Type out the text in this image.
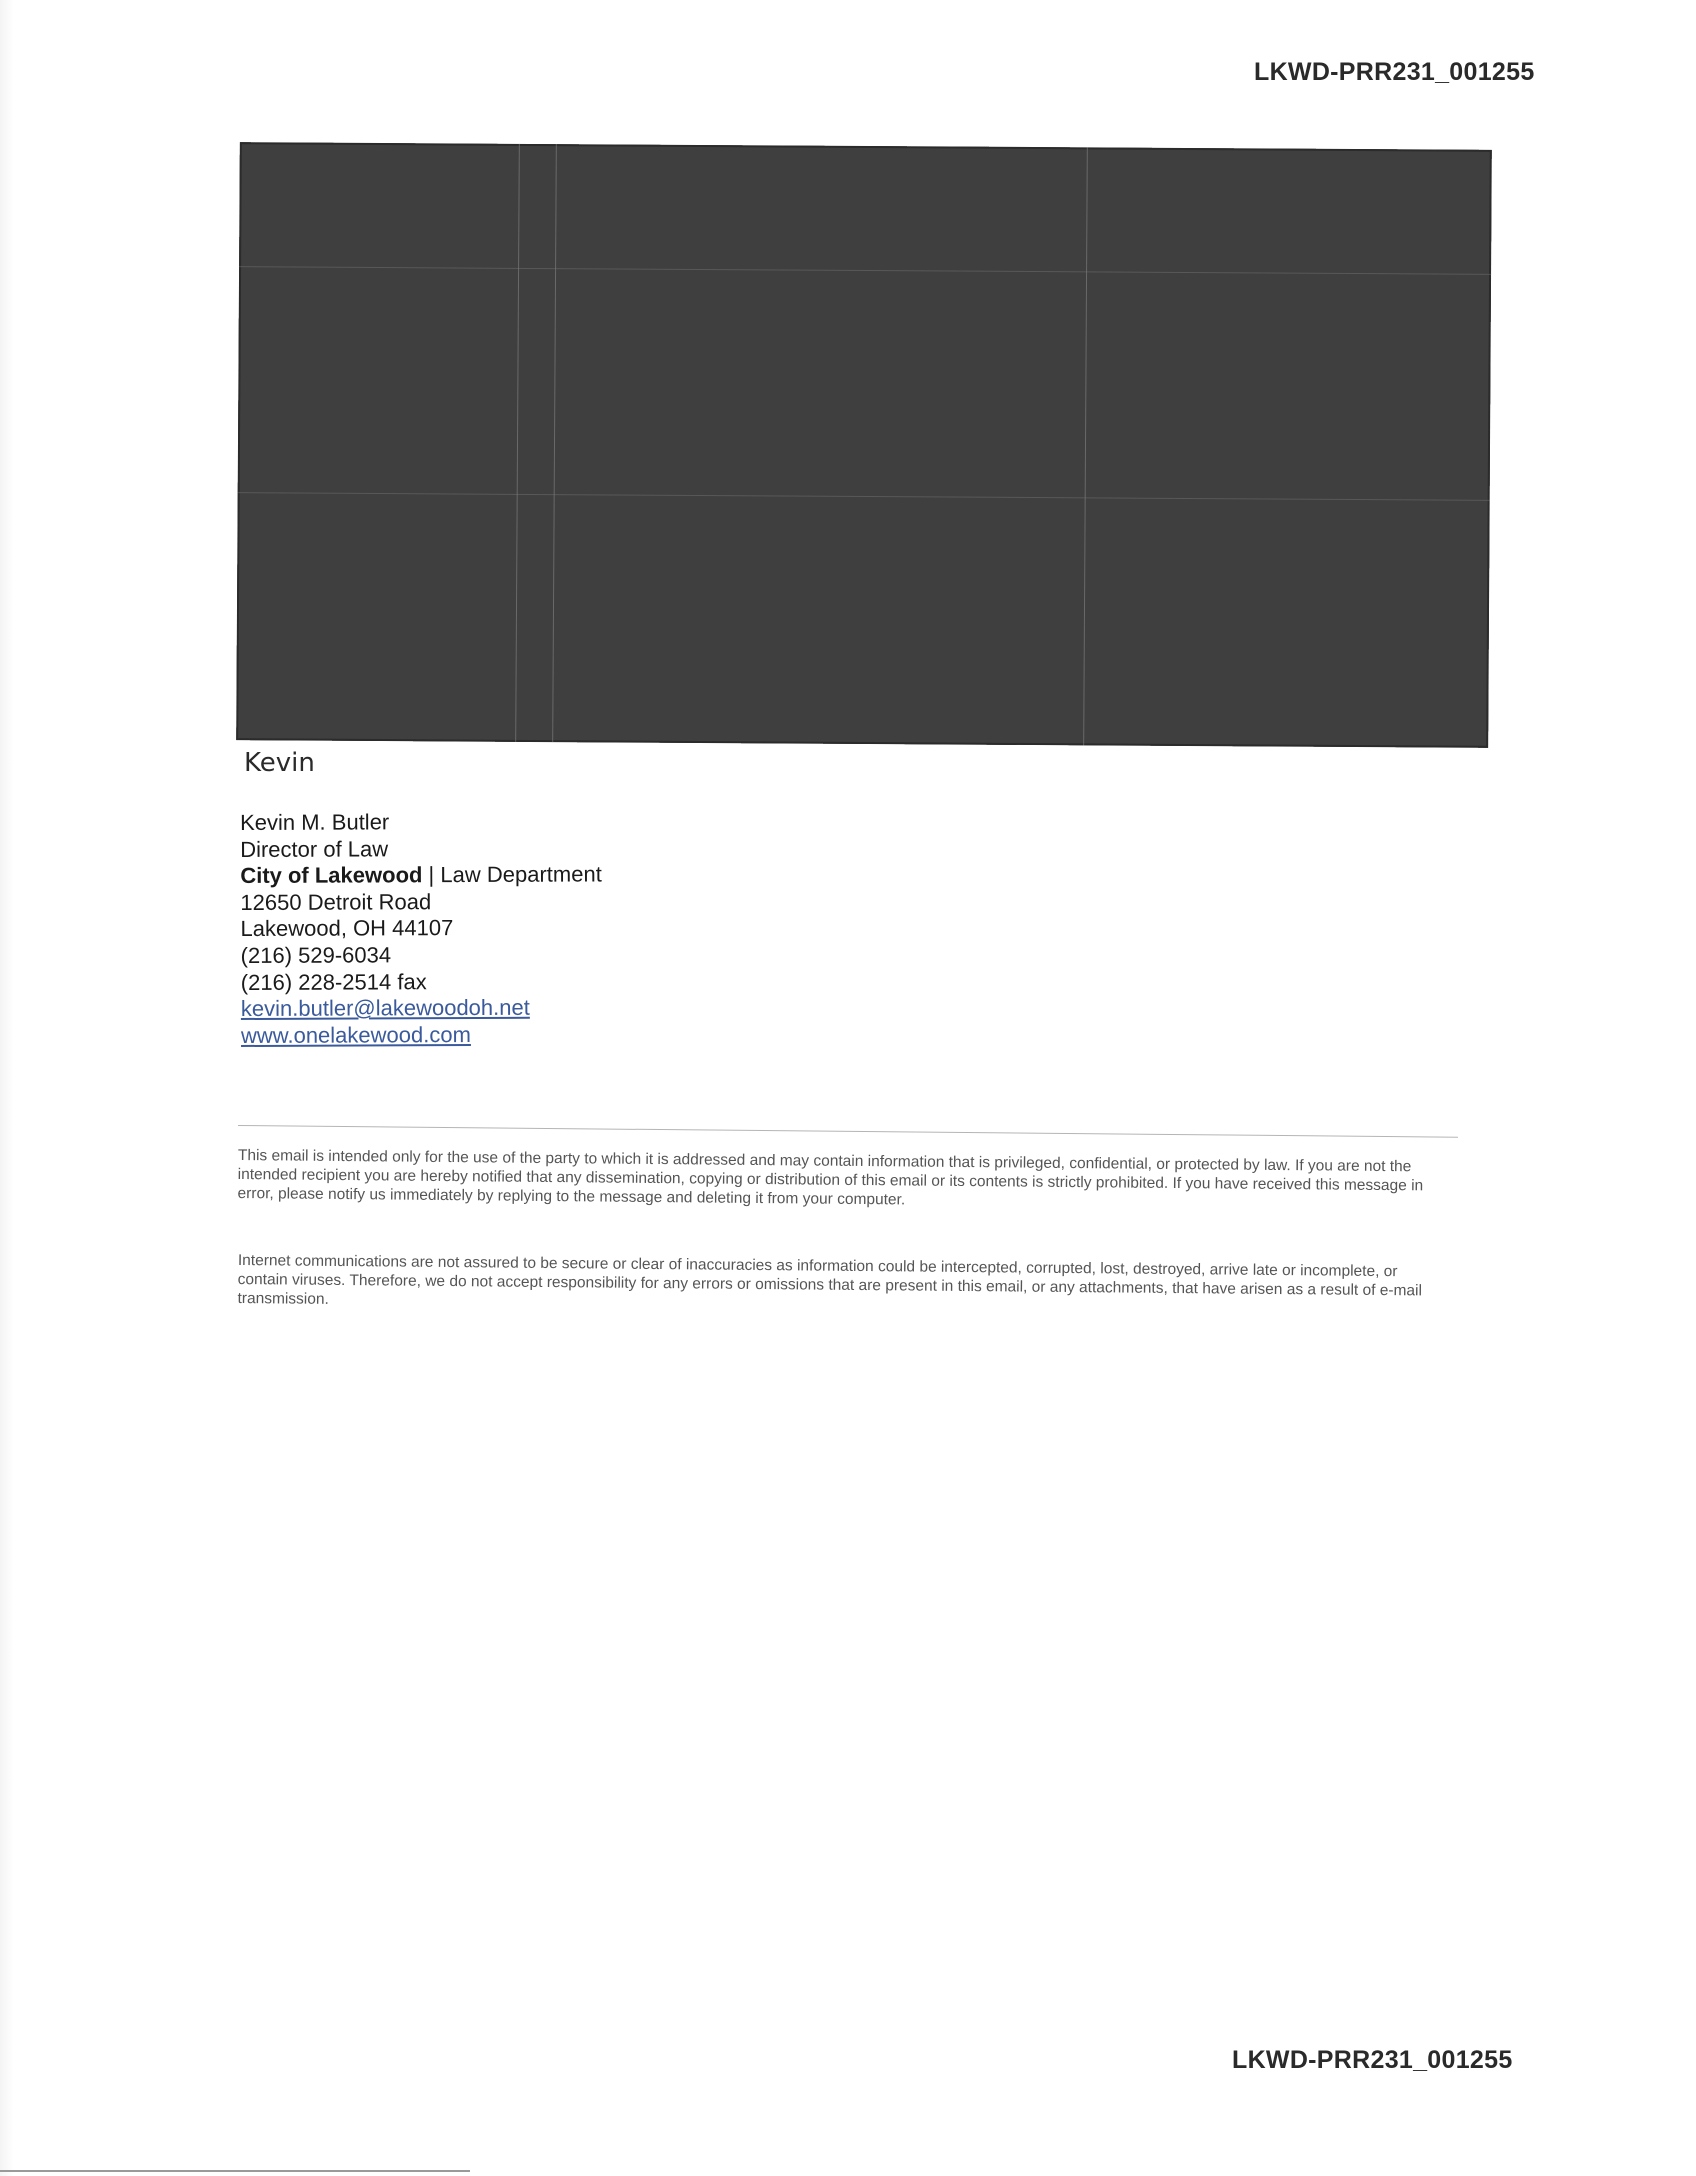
LKWD-PRR231_001255
Kevin
Kevin M. Butler
Director of Law
City of Lakewood | Law Department
12650 Detroit Road
Lakewood, OH 44107
(216) 529-6034
(216) 228-2514 fax
kevin.butler@lakewoodoh.net
www.onelakewood.com
This email is intended only for the use of the party to which it is addressed and may contain information that is privileged, confidential, or protected by law. If you are not the intended recipient you are hereby notified that any dissemination, copying or distribution of this email or its contents is strictly prohibited. If you have received this message in error, please notify us immediately by replying to the message and deleting it from your computer.
Internet communications are not assured to be secure or clear of inaccuracies as information could be intercepted, corrupted, lost, destroyed, arrive late or incomplete, or contain viruses. Therefore, we do not accept responsibility for any errors or omissions that are present in this email, or any attachments, that have arisen as a result of e-mail transmission.
LKWD-PRR231_001255
